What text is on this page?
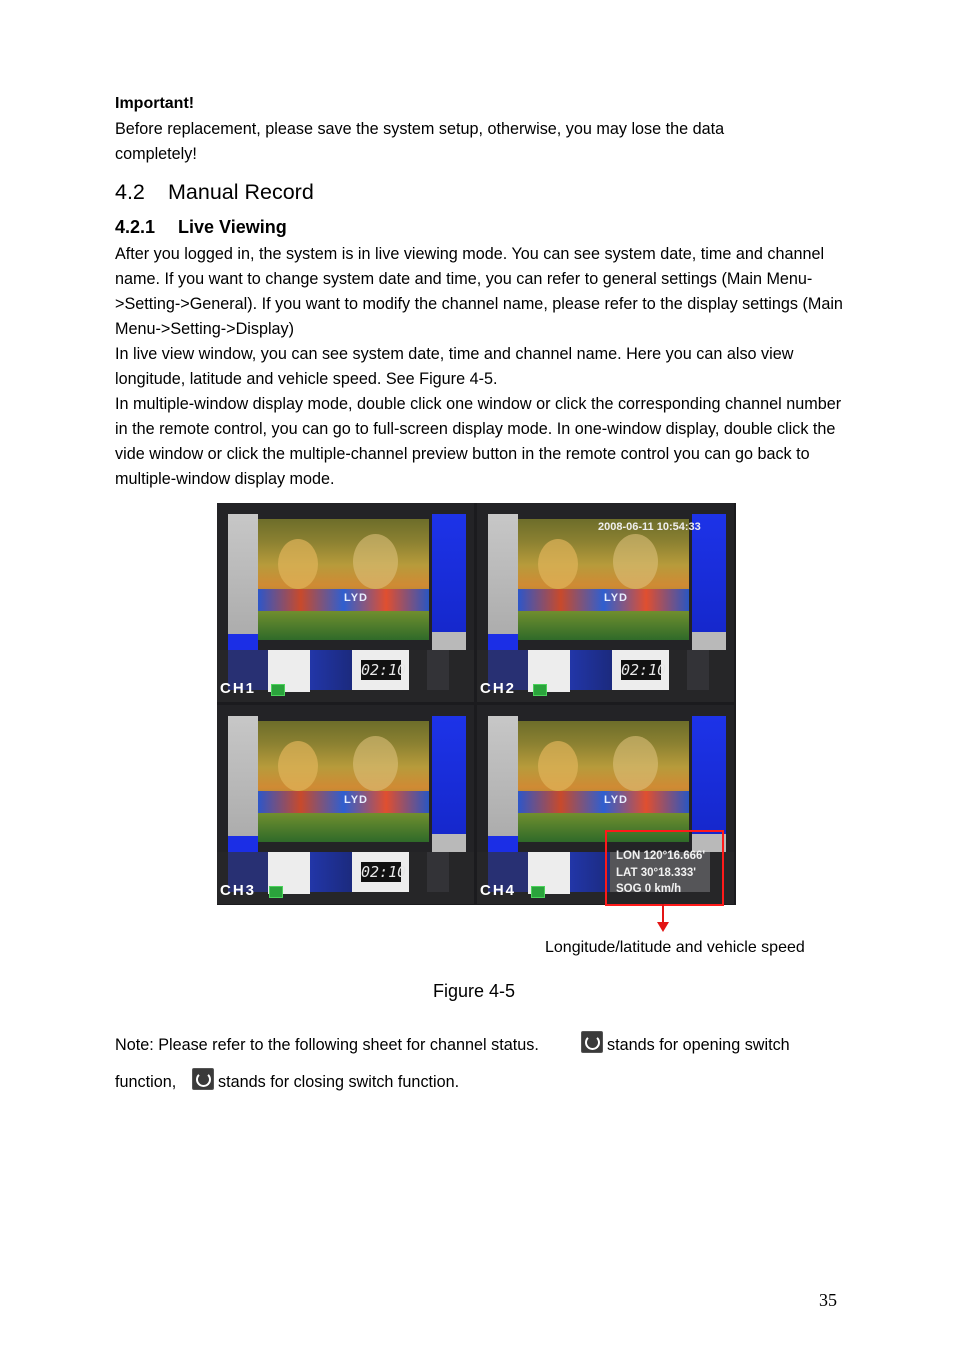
Important!
Before replacement, please save the system setup, otherwise, you may lose the data
completely!
4.2 Manual Record
4.2.1 Live Viewing
After you logged in, the system is in live viewing mode. You can see system date, time and channel name. If you want to change system date and time, you can refer to general settings (Main Menu->Setting->General). If you want to modify the channel name, please refer to the display settings (Main Menu->Setting->Display)
In live view window, you can see system date, time and channel name. Here you can also view longitude, latitude and vehicle speed. See Figure 4-5.
In multiple-window display mode, double click one window or click the corresponding channel number in the remote control, you can go to full-screen display mode. In one-window display, double click the vide window or click the multiple-channel preview button in the remote control you can go back to multiple-window display mode.
LYD
02:10
CH1
LYD
2008-06-11 10:54:33
02:10
CH2
LYD
02:10
CH3
LYD
CH4
LON 120°16.666'
LAT 30°18.333'
SOG 0 km/h
Longitude/latitude and vehicle speed
Figure 4-5
Note: Please refer to the following sheet for channel status.	stands for opening switch
function,	stands for closing switch function.
35
